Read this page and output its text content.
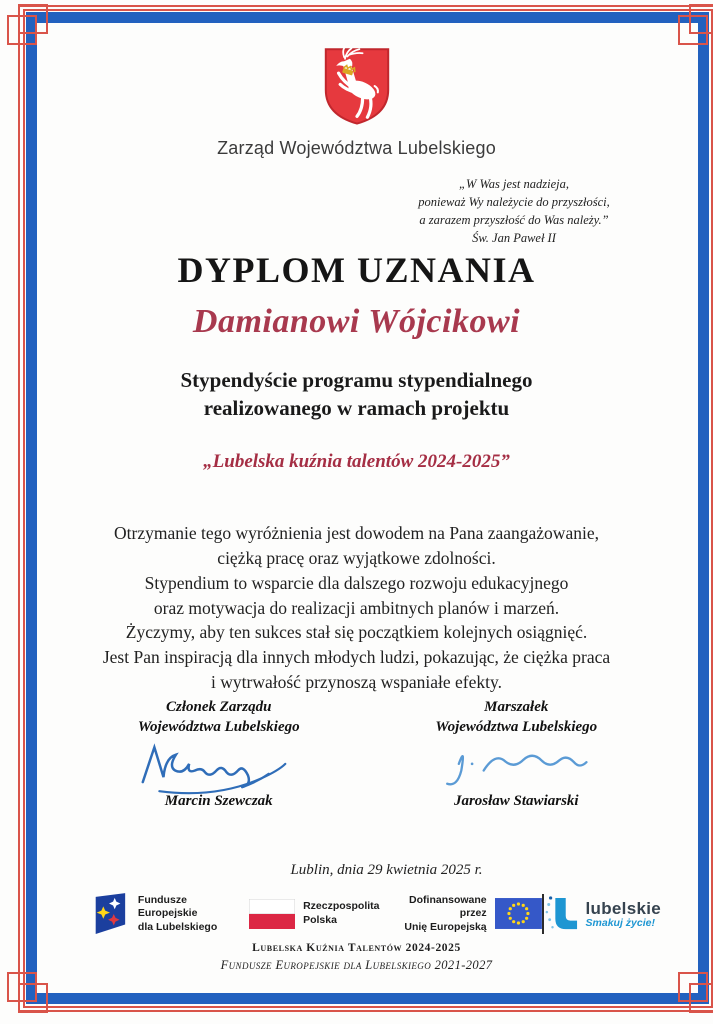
Zarząd Województwa Lubelskiego
„W Was jest nadzieja,
ponieważ Wy należycie do przyszłości,
a zarazem przyszłość do Was należy.”
Św. Jan Paweł II
DYPLOM UZNANIA
Damianowi Wójcikowi
Stypendyście programu stypendialnego
realizowanego w ramach projektu
„Lubelska kuźnia talentów 2024-2025”
Otrzymanie tego wyróżnienia jest dowodem na Pana zaangażowanie,
ciężką pracę oraz wyjątkowe zdolności.
Stypendium to wsparcie dla dalszego rozwoju edukacyjnego
oraz motywacja do realizacji ambitnych planów i marzeń.
Życzymy, aby ten sukces stał się początkiem kolejnych osiągnięć.
Jest Pan inspiracją dla innych młodych ludzi, pokazując, że ciężka praca
i wytrwałość przynoszą wspaniałe efekty.
Członek Zarządu
Województwa Lubelskiego
Marcin Szewczak
Marszałek
Województwa Lubelskiego
Jarosław Stawiarski
Lublin, dnia 29 kwietnia 2025 r.
Fundusze Europejskie
dla Lubelskiego
Rzeczpospolita
Polska
Dofinansowane przez
Unię Europejską
lubelskie
Smakuj życie!
Lubelska Kuźnia Talentów 2024-2025
Fundusze Europejskie dla Lubelskiego 2021-2027
